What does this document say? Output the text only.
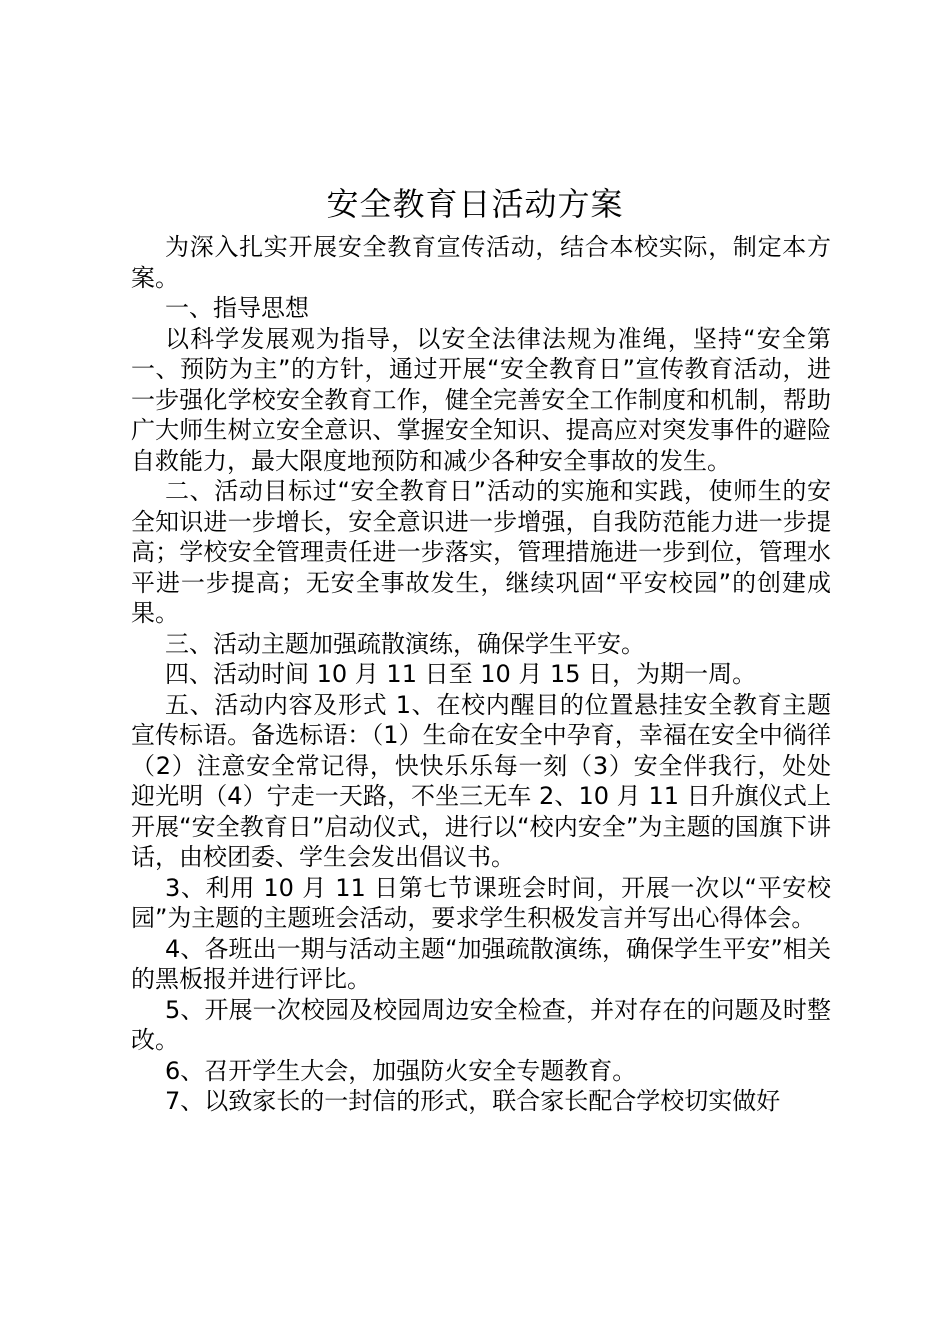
安全教育日活动方案

为深入扎实开展安全教育宣传活动，结合本校实际，制定本方案。

一、指导思想

以科学发展观为指导，以安全法律法规为准绳，坚持“安全第一、预防为主”的方针，通过开展“安全教育日”宣传教育活动，进一步强化学校安全教育工作，健全完善安全工作制度和机制，帮助广大师生树立安全意识、掌握安全知识、提高应对突发事件的避险自救能力，最大限度地预防和减少各种安全事故的发生。

二、活动目标过“安全教育日”活动的实施和实践，使师生的安全知识进一步增长，安全意识进一步增强，自我防范能力进一步提高；学校安全管理责任进一步落实，管理措施进一步到位，管理水平进一步提高；无安全事故发生，继续巩固“平安校园”的创建成果。

三、活动主题加强疏散演练，确保学生平安。

四、活动时间 10 月 11 日至 10 月 15 日，为期一周。

五、活动内容及形式 1、在校内醒目的位置悬挂安全教育主题宣传标语。备选标语：（1）生命在安全中孕育，幸福在安全中徜徉（2）注意安全常记得，快快乐乐每一刻（3）安全伴我行，处处迎光明（4）宁走一天路，不坐三无车 2、10 月 11 日升旗仪式上开展“安全教育日”启动仪式，进行以“校内安全”为主题的国旗下讲话，由校团委、学生会发出倡议书。

3、利用 10 月 11 日第七节课班会时间，开展一次以“平安校园”为主题的主题班会活动，要求学生积极发言并写出心得体会。

4、各班出一期与活动主题“加强疏散演练，确保学生平安”相关的黑板报并进行评比。

5、开展一次校园及校园周边安全检查，并对存在的问题及时整改。

6、召开学生大会，加强防火安全专题教育。

7、以致家长的一封信的形式，联合家长配合学校切实做好
